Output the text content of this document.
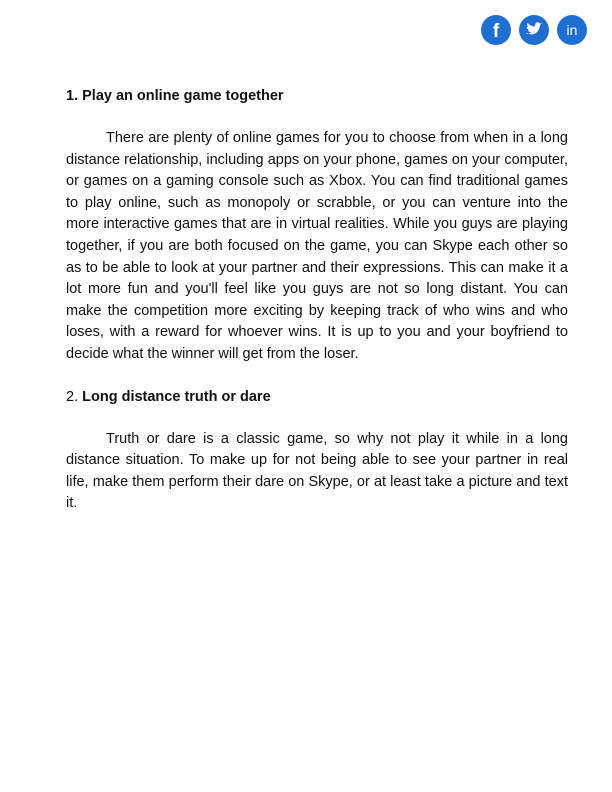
f	in
1. Play an online game together

There are plenty of online games for you to choose from when in a long distance relationship, including apps on your phone, games on your computer, or games on a gaming console such as Xbox. You can find traditional games to play online, such as monopoly or scrabble, or you can venture into the more interactive games that are in virtual realities. While you guys are playing together, if you are both focused on the game, you can Skype each other so as to be able to look at your partner and their expressions. This can make it a lot more fun and you'll feel like you guys are not so long distant. You can make the competition more exciting by keeping track of who wins and who loses, with a reward for whoever wins. It is up to you and your boyfriend to decide what the winner will get from the loser.

2. Long distance truth or dare

Truth or dare is a classic game, so why not play it while in a long distance situation. To make up for not being able to see your partner in real life, make them perform their dare on Skype, or at least take a picture and text it.
